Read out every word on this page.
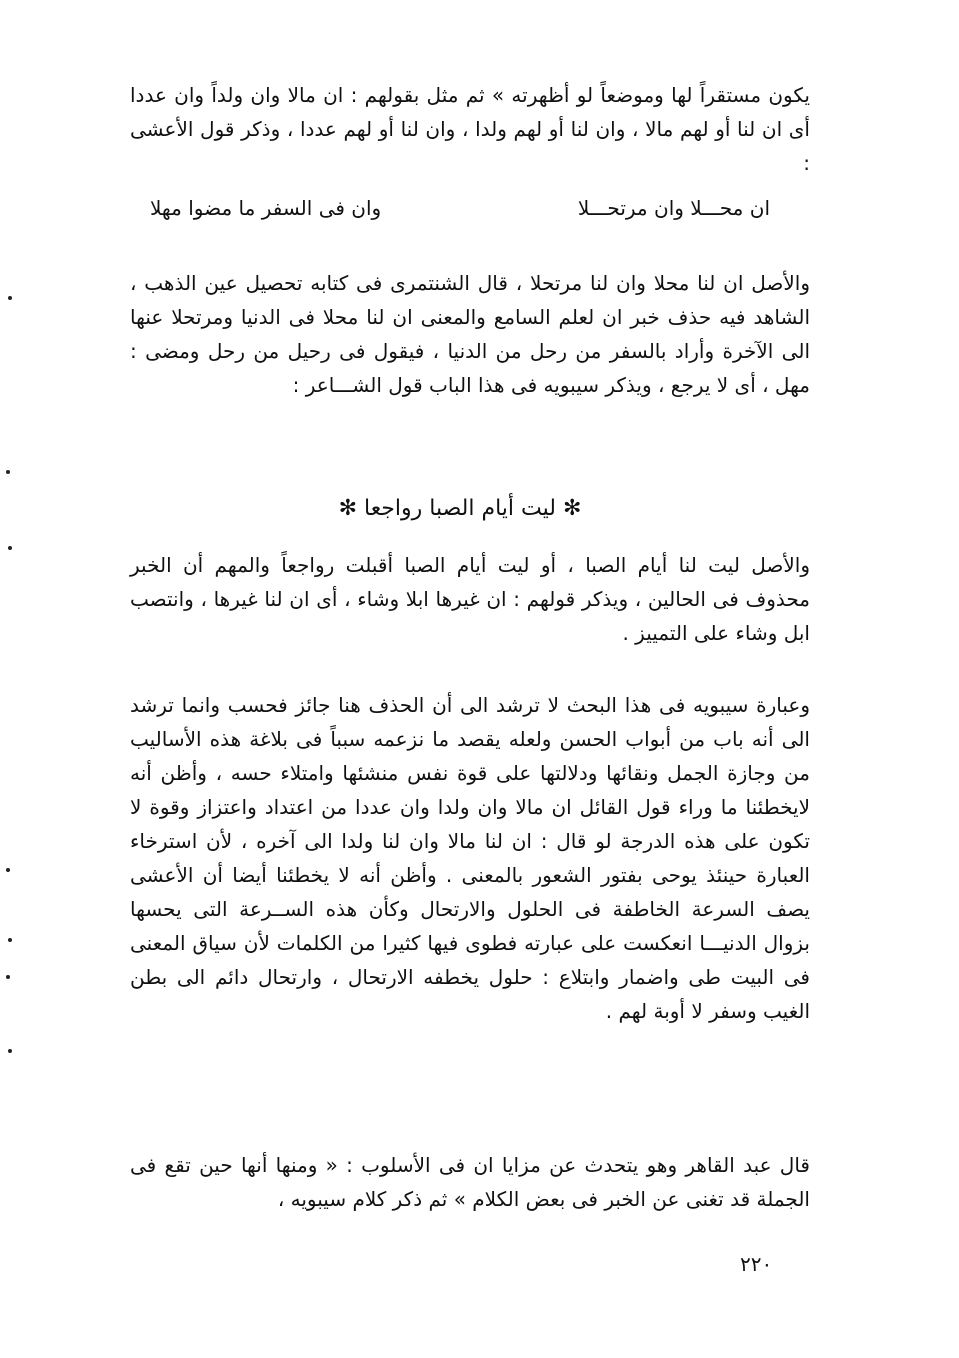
يكون مستقراً لها وموضعاً لو أظهرته » ثم مثل بقولهم : ان مالا وان ولداً وان عددا أى ان لنا أو لهم مالا ، وان لنا أو لهم ولدا ، وان لنا أو لهم عددا ، وذكر قول الأعشى :

ان محـــلا وان مرتحـــلا
وان فى السفر ما مضوا مهلا

والأصل ان لنا محلا وان لنا مرتحلا ، قال الشنتمرى فى كتابه تحصيل عين الذهب ، الشاهد فيه حذف خبر ان لعلم السامع والمعنى ان لنا محلا فى الدنيا ومرتحلا عنها الى الآخرة وأراد بالسفر من رحل من الدنيا ، فيقول فى رحيل من رحل ومضى : مهل ، أى لا يرجع ، ويذكر سيبويه فى هذا الباب قول الشـــاعر :

✻ ليت أيام الصبا رواجعا ✻

والأصل ليت لنا أيام الصبا ، أو ليت أيام الصبا أقبلت رواجعاً والمهم أن الخبر محذوف فى الحالين ، ويذكر قولهم : ان غيرها ابلا وشاء ، أى ان لنا غيرها ، وانتصب ابل وشاء على التمييز .

وعبارة سيبويه فى هذا البحث لا ترشد الى أن الحذف هنا جائز فحسب وانما ترشد الى أنه باب من أبواب الحسن ولعله يقصد ما نزعمه سبباً فى بلاغة هذه الأساليب من وجازة الجمل ونقائها ودلالتها على قوة نفس منشئها وامتلاء حسه ، وأظن أنه لايخطئنا ما وراء قول القائل ان مالا وان ولدا وان عددا من اعتداد واعتزاز وقوة لا تكون على هذه الدرجة لو قال : ان لنا مالا وان لنا ولدا الى آخره ، لأن استرخاء العبارة حينئذ يوحى بفتور الشعور بالمعنى . وأظن أنه لا يخطئنا أيضا أن الأعشى يصف السرعة الخاطفة فى الحلول والارتحال وكأن هذه الســرعة التى يحسها بزوال الدنيـــا انعكست على عبارته فطوى فيها كثيرا من الكلمات لأن سياق المعنى فى البيت طى واضمار وابتلاع : حلول يخطفه الارتحال ، وارتحال دائم الى بطن الغيب وسفر لا أوبة لهم .

قال عبد القاهر وهو يتحدث عن مزايا ان فى الأسلوب : « ومنها أنها حين تقع فى الجملة قد تغنى عن الخبر فى بعض الكلام » ثم ذكر كلام سيبويه ،

٢٢٠
